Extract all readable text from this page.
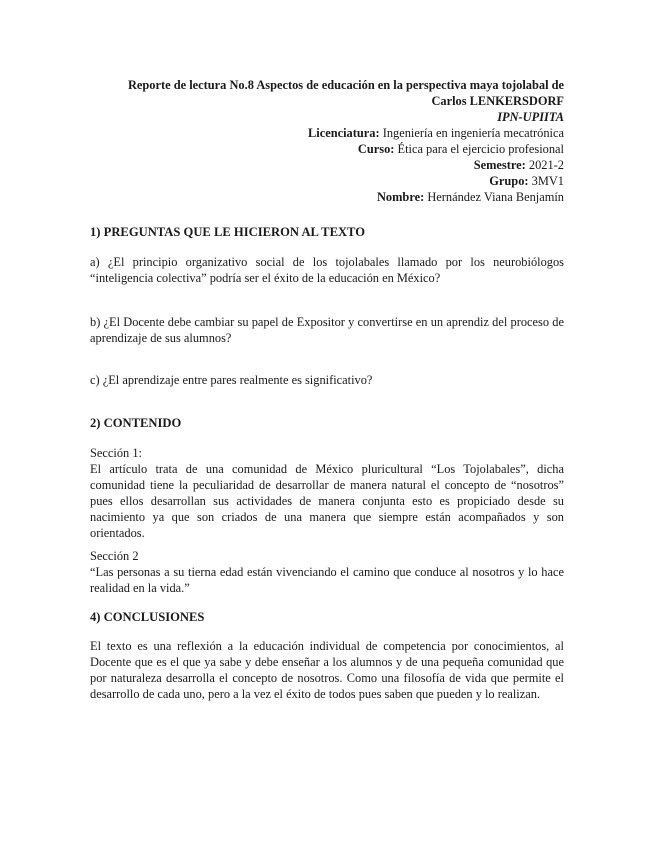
Reporte de lectura No.8 Aspectos de educación en la perspectiva maya tojolabal de
Carlos LENKERSDORF
IPN-UPIITA
Licenciatura: Ingeniería en ingeniería mecatrónica
Curso: Ética para el ejercicio profesional
Semestre: 2021-2
Grupo: 3MV1
Nombre: Hernández Viana Benjamín
1) PREGUNTAS QUE LE HICIERON AL TEXTO

a) ¿El principio organizativo social de los tojolabales llamado por los neurobiólogos “inteligencia colectiva” podría ser el éxito de la educación en México?

b) ¿El Docente debe cambiar su papel de Expositor y convertirse en un aprendiz del proceso de aprendizaje de sus alumnos?

c) ¿El aprendizaje entre pares realmente es significativo?

2) CONTENIDO

Sección 1:

El artículo trata de una comunidad de México pluricultural “Los Tojolabales”, dicha comunidad tiene la peculiaridad de desarrollar de manera natural el concepto de “nosotros” pues ellos desarrollan sus actividades de manera conjunta esto es propiciado desde su nacimiento ya que son criados de una manera que siempre están acompañados y son orientados.

Sección 2

“Las personas a su tierna edad están vivenciando el camino que conduce al nosotros y lo hace realidad en la vida.”

4) CONCLUSIONES

El texto es una reflexión a la educación individual de competencia por conocimientos, al Docente que es el que ya sabe y debe enseñar a los alumnos y de una pequeña comunidad que por naturaleza desarrolla el concepto de nosotros. Como una filosofía de vida que permite el desarrollo de cada uno, pero a la vez el éxito de todos pues saben que pueden y lo realizan.
